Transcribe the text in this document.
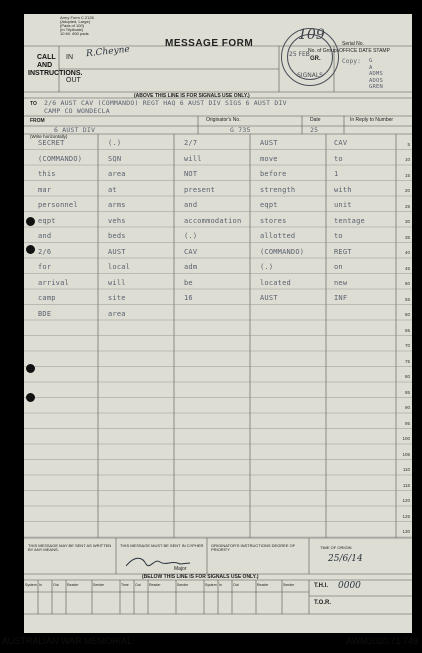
Army Form C.2128
(Adopted, Large)
(Pads of 100)
(In Triplicate)
10 M/. 800 pads
MESSAGE FORM
CALL
AND
INSTRUCTIONS.
IN R.Cheyne
OUT
Serial No.
No. of Groups OFFICE DATE STAMP
GR.	Copy: G
A
ADMS
ADOS
GREN
(ABOVE THIS LINE IS FOR SIGNALS USE ONLY.)
TO 2/6 AUST CAV (COMMANDO) REGT HAQ 6 AUST DIV SIGS 6 AUST DIV
CAMP CO WONDECLA
FROM
6 AUST DIV
Originator's No.
G 735
Date
25
In Reply to Number
(Write horizontally)
SECRET	(.)	2/7	AUST	CAV
(COMMANDO)	SQN	will	move	to
this	area	NOT	before	1
mar	at	present	strength	with
personnel	arms	and	eqpt	unit
eqpt	vehs	accommodation	stores	tentage
and	beds	(.)	allotted	to
2/6	AUST	CAV	(COMMANDO)	REGT
for	local	adm	(.)	on
arrival	will	be	located	new
camp	site	16	AUST	INF
BDE	area
5
10
15
20
25
30
35
40
45
50
55
60
65
70
75
80
85
90
95
100
105
110
115
120
125
130
THIS MESSAGE MAY BE SENT AS WRITTEN BY ANY MEANS.
THIS MESSAGE MUST BE SENT IN CYPHER	ORIGINATOR'S INSTRUCTIONS DEGREE OF PRIORITY	TIME OF ORIGIN
25/6/14
Major
(BELOW THIS LINE IS FOR SIGNALS USE ONLY.)
System In	Out Reader	Sender	Time Out Reader	Sender	System In	Out	Reader	Sender	T.H.I. 0000
T.O.R.
109
25 FEB
SIGNALS
AUSTRALIAN WAR MEMORIAL	AWM2020.71.749
